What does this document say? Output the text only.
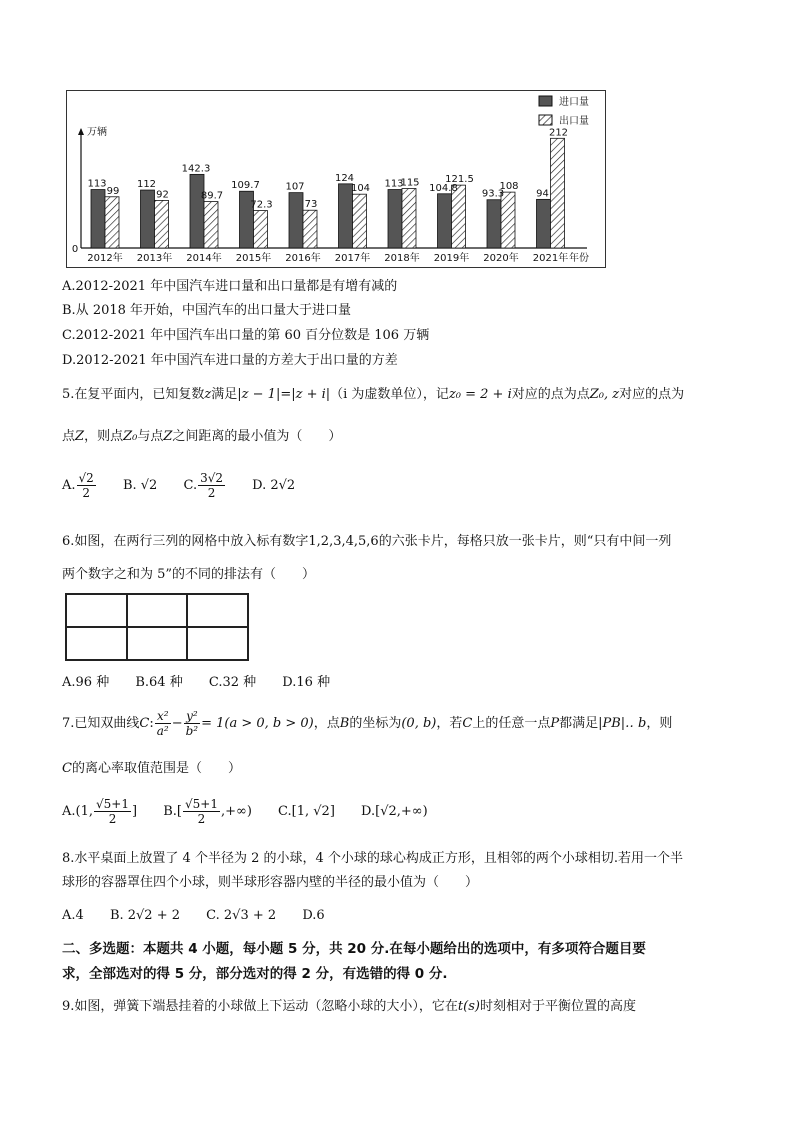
万辆
0
年份
进口量
出口量
113
99
2012年
112
92
2013年
142.3
89.7
2014年
109.7
72.3
2015年
107
73
2016年
124
104
2017年
113
115
2018年
104.8
121.5
2019年
93.3
108
2020年
94
212
2021年
A.2012-2021 年中国汽车进口量和出口量都是有增有减的
B.从 2018 年开始，中国汽车的出口量大于进口量
C.2012-2021 年中国汽车出口量的第 60 百分位数是 106 万辆
D.2012-2021 年中国汽车进口量的方差大于出口量的方差
5.在复平面内，已知复数z满足|z − 1|=|z + i|（i 为虚数单位），记z₀ = 2 + i对应的点为点Z₀, z对应的点为
点Z，则点Z₀与点Z之间距离的最小值为（　　）
A. $\frac{√2}{2} B$. √2 C. $\frac{3√2}{2} D$. 2√2
6.如图，在两行三列的网格中放入标有数字1,2,3,4,5,6的六张卡片，每格只放一张卡片，则“只有中间一列
两个数字之和为 5”的不同的排法有（　　）
A.96 种 B.64 种 C.32 种 D.16 种
7.已知双曲线C: $\frac{\text{x²}}{\text{a²}} - \frac{\text{y²}}{\text{b²}} = 1(a > 0$, b > 0)，点B的坐标为(0, b)，若C上的任意一点P都满足|PB|‥ b，则
C的离心率取值范围是（　　）
A.(1, $\frac{√5+1}{2}$ ] $B.[ \frac{√5+1}{2}$ ,+∞) C.[1, √2] D.[√2,+∞)
8.水平桌面上放置了 4 个半径为 2 的小球，4 个小球的球心构成正方形，且相邻的两个小球相切.若用一个半
球形的容器罩住四个小球，则半球形容器内壁的半径的最小值为（　　）
A.4 B. 2√2 + 2 C. 2√3 + 2 D.6
二、多选题：本题共 4 小题，每小题 5 分，共 20 分.在每小题给出的选项中，有多项符合题目要
求，全部选对的得 5 分，部分选对的得 2 分，有选错的得 0 分.
9.如图，弹簧下端悬挂着的小球做上下运动（忽略小球的大小），它在t(s)时刻相对于平衡位置的高度
